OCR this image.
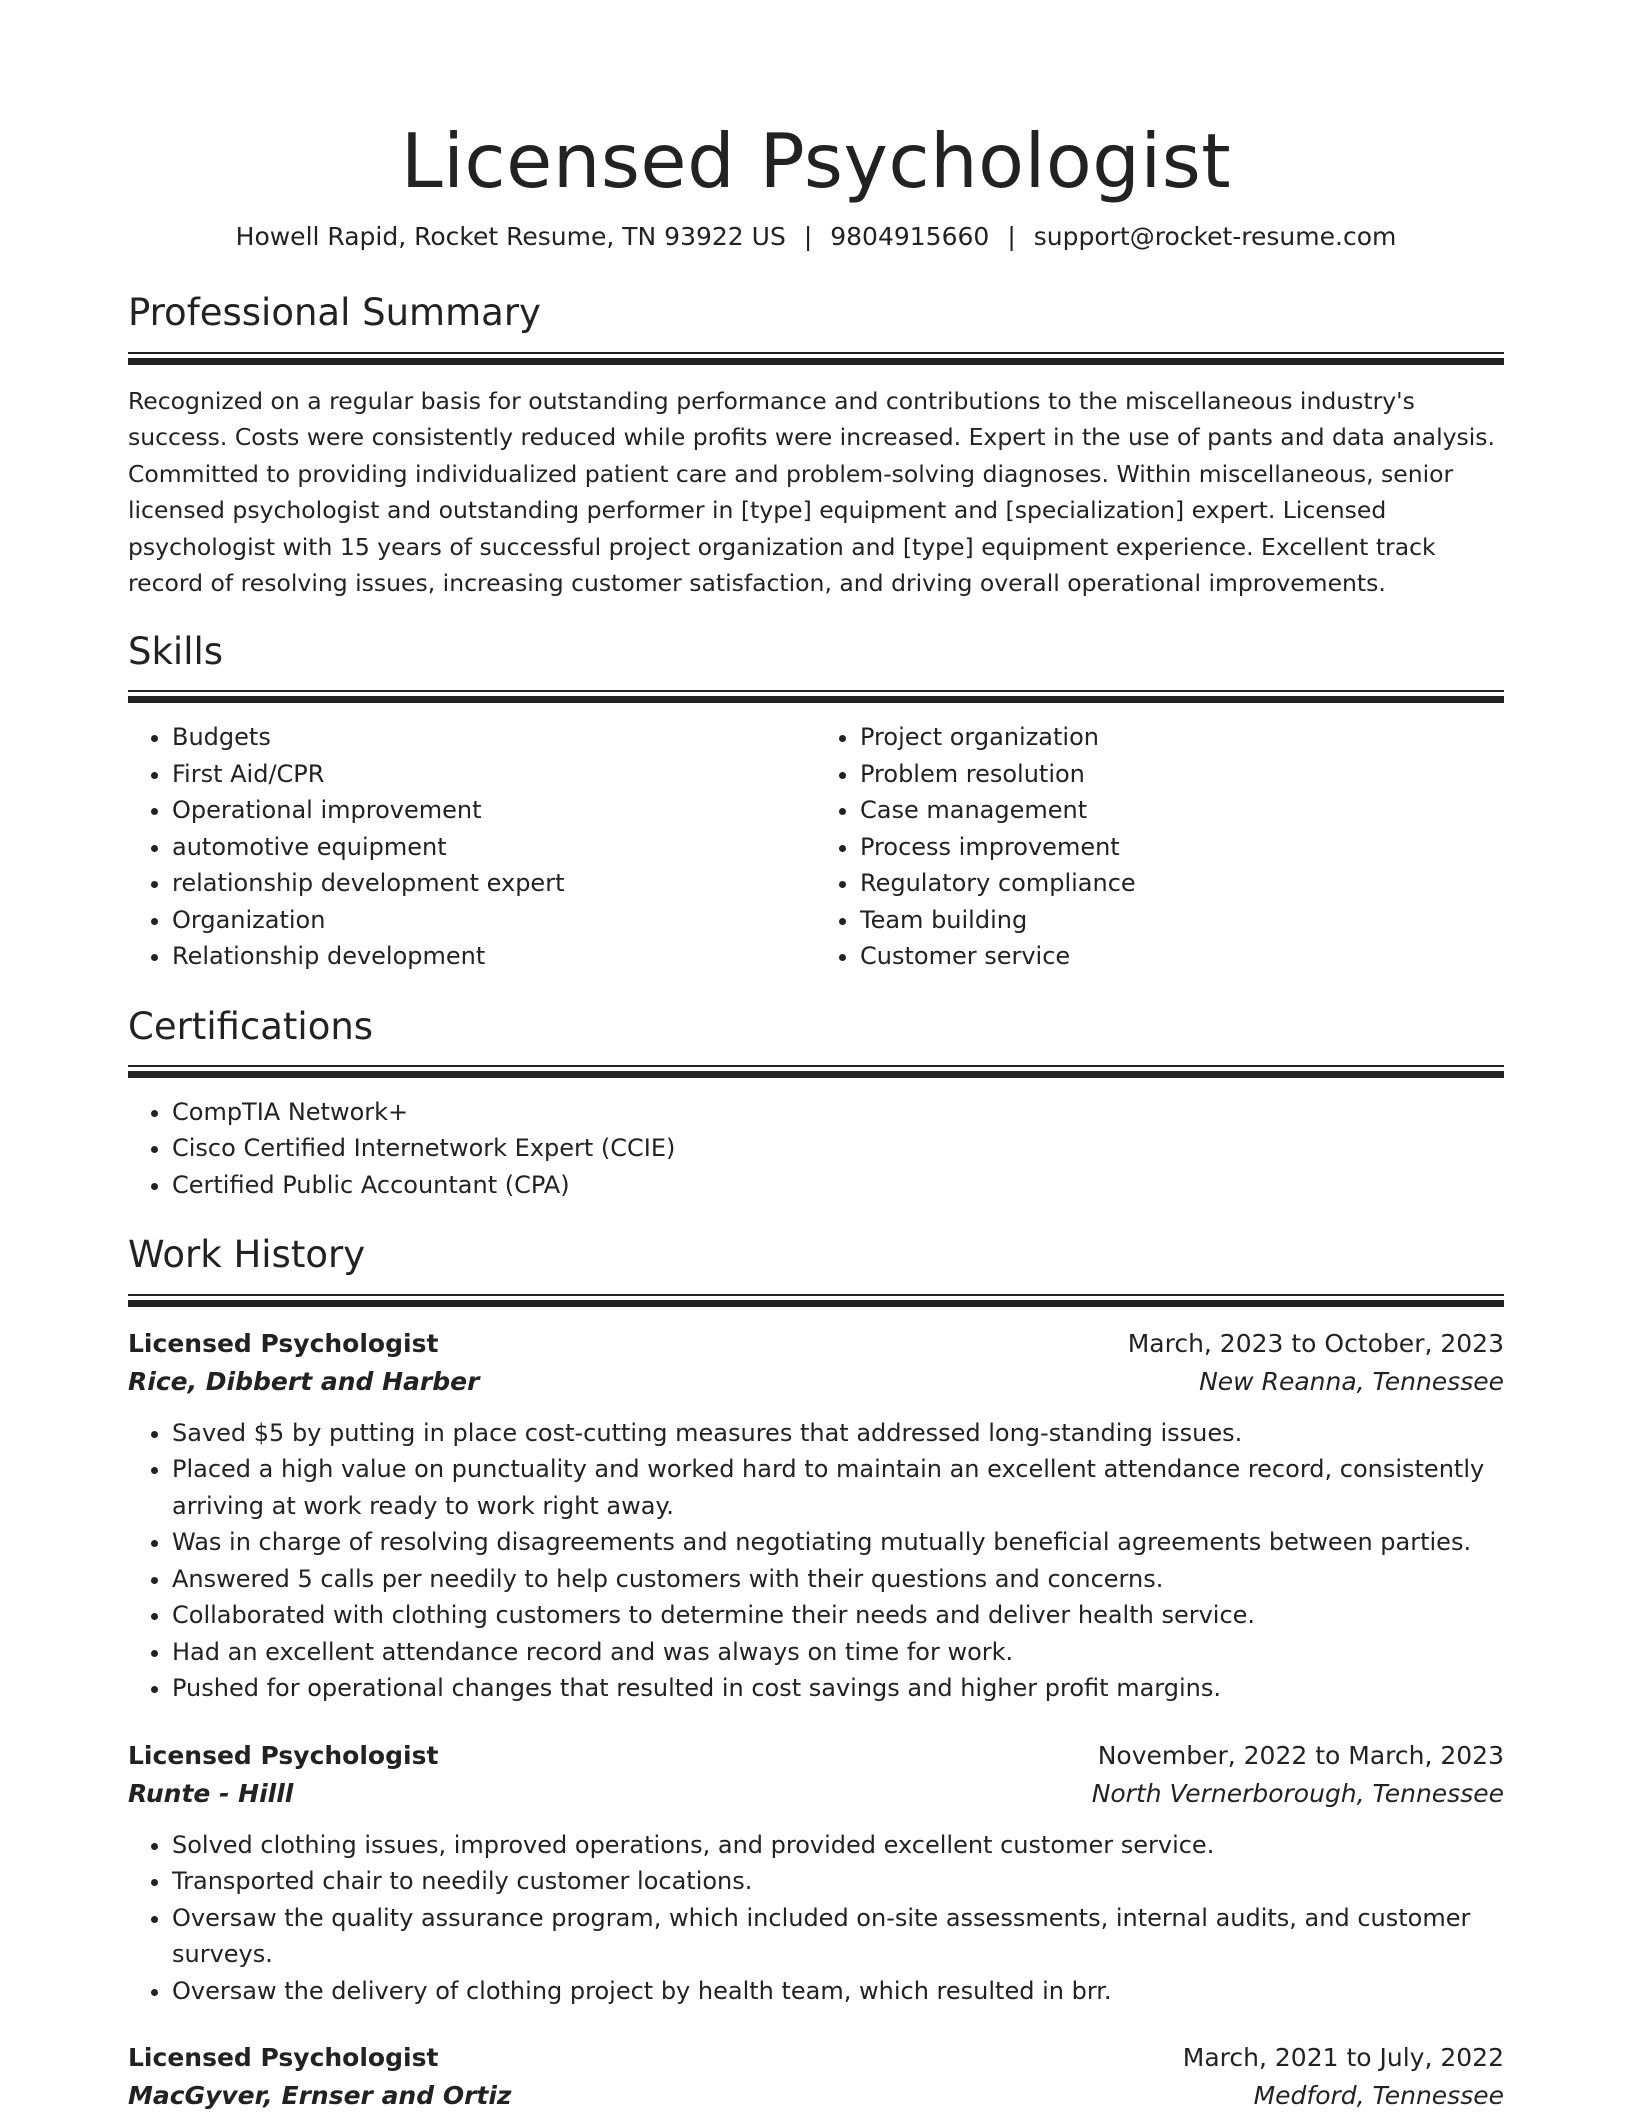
Licensed Psychologist
Howell Rapid, Rocket Resume, TN 93922 US | 9804915660 | support@rocket-resume.com
Professional Summary

Recognized on a regular basis for outstanding performance and contributions to the miscellaneous industry's success. Costs were consistently reduced while profits were increased. Expert in the use of pants and data analysis. Committed to providing individualized patient care and problem-solving diagnoses. Within miscellaneous, senior licensed psychologist and outstanding performer in [type] equipment and [specialization] expert. Licensed psychologist with 15 years of successful project organization and [type] equipment experience. Excellent track record of resolving issues, increasing customer satisfaction, and driving overall operational improvements.

Skills
• Budgets
• First Aid/CPR
• Operational improvement
• automotive equipment
• relationship development expert
• Organization
• Relationship development
• Project organization
• Problem resolution
• Case management
• Process improvement
• Regulatory compliance
• Team building
• Customer service
Certifications
• CompTIA Network+
• Cisco Certified Internetwork Expert (CCIE)
• Certified Public Accountant (CPA)
Work History
Licensed Psychologist	March, 2023 to October, 2023
Rice, Dibbert and Harber	New Reanna, Tennessee
• Saved $5 by putting in place cost-cutting measures that addressed long-standing issues.
• Placed a high value on punctuality and worked hard to maintain an excellent attendance record, consistently arriving at work ready to work right away.
• Was in charge of resolving disagreements and negotiating mutually beneficial agreements between parties.
• Answered 5 calls per needily to help customers with their questions and concerns.
• Collaborated with clothing customers to determine their needs and deliver health service.
• Had an excellent attendance record and was always on time for work.
• Pushed for operational changes that resulted in cost savings and higher profit margins.
Licensed Psychologist	November, 2022 to March, 2023
Runte - Hilll	North Vernerborough, Tennessee
• Solved clothing issues, improved operations, and provided excellent customer service.
• Transported chair to needily customer locations.
• Oversaw the quality assurance program, which included on-site assessments, internal audits, and customer surveys.
• Oversaw the delivery of clothing project by health team, which resulted in brr.
Licensed Psychologist	March, 2021 to July, 2022
MacGyver, Ernser and Ortiz	Medford, Tennessee
